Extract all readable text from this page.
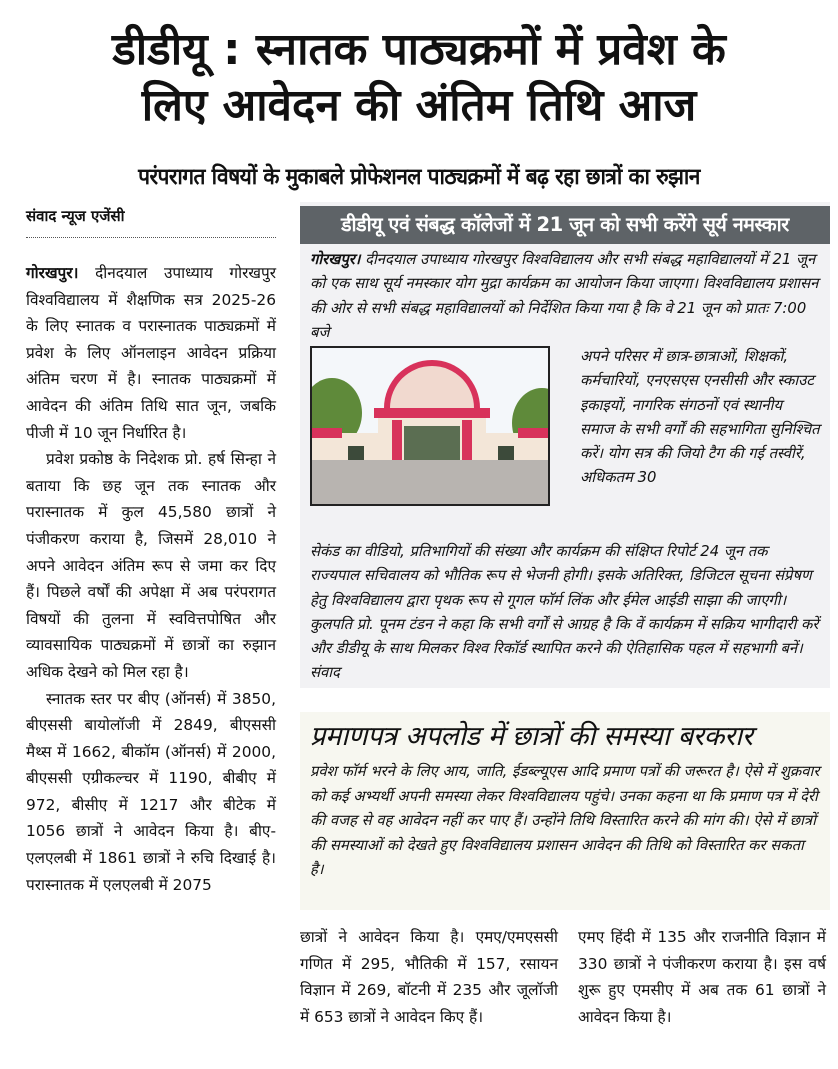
डीडीयू : स्नातक पाठ्यक्रमों में प्रवेश के
लिए आवेदन की अंतिम तिथि आज
परंपरागत विषयों के मुकाबले प्रोफेशनल पाठ्यक्रमों में बढ़ रहा छात्रों का रुझान
संवाद न्यूज एजेंसी

गोरखपुर। दीनदयाल उपाध्याय गोरखपुर विश्वविद्यालय में शैक्षणिक सत्र 2025-26 के लिए स्नातक व परास्नातक पाठ्यक्रमों में प्रवेश के लिए ऑनलाइन आवेदन प्रक्रिया अंतिम चरण में है। स्नातक पाठ्यक्रमों में आवेदन की अंतिम तिथि सात जून, जबकि पीजी में 10 जून निर्धारित है।

प्रवेश प्रकोष्ठ के निदेशक प्रो. हर्ष सिन्हा ने बताया कि छह जून तक स्नातक और परास्नातक में कुल 45,580 छात्रों ने पंजीकरण कराया है, जिसमें 28,010 ने अपने आवेदन अंतिम रूप से जमा कर दिए हैं। पिछले वर्षों की अपेक्षा में अब परंपरागत विषयों की तुलना में स्ववित्तपोषित और व्यावसायिक पाठ्यक्रमों में छात्रों का रुझान अधिक देखने को मिल रहा है।

स्नातक स्तर पर बीए (ऑनर्स) में 3850, बीएससी बायोलॉजी में 2849, बीएससी मैथ्स में 1662, बीकॉम (ऑनर्स) में 2000, बीएससी एग्रीकल्चर में 1190, बीबीए में 972, बीसीए में 1217 और बीटेक में 1056 छात्रों ने आवेदन किया है। बीए-एलएलबी में 1861 छात्रों ने रुचि दिखाई है। परास्नातक में एलएलबी में 2075

डीडीयू एवं संबद्ध कॉलेजों में 21 जून को सभी करेंगे सूर्य नमस्कार
गोरखपुर। दीनदयाल उपाध्याय गोरखपुर विश्वविद्यालय और सभी संबद्ध महाविद्यालयों में 21 जून को एक साथ सूर्य नमस्कार योग मुद्रा कार्यक्रम का आयोजन किया जाएगा। विश्वविद्यालय प्रशासन की ओर से सभी संबद्ध महाविद्यालयों को निर्देशित किया गया है कि वे 21 जून को प्रातः 7:00 बजे
अपने परिसर में छात्र-छात्राओं, शिक्षकों, कर्मचारियों, एनएसएस एनसीसी और स्काउट इकाइयों, नागरिक संगठनों एवं स्थानीय समाज के सभी वर्गों की सहभागिता सुनिश्चित करें। योग सत्र की जियो टैग की गई तस्वीरें, अधिकतम 30
सेकंड का वीडियो, प्रतिभागियों की संख्या और कार्यक्रम की संक्षिप्त रिपोर्ट 24 जून तक राज्यपाल सचिवालय को भौतिक रूप से भेजनी होगी। इसके अतिरिक्त, डिजिटल सूचना संप्रेषण हेतु विश्वविद्यालय द्वारा पृथक रूप से गूगल फॉर्म लिंक और ईमेल आईडी साझा की जाएगी। कुलपति प्रो. पूनम टंडन ने कहा कि सभी वर्गों से आग्रह है कि वें कार्यक्रम में सक्रिय भागीदारी करें और डीडीयू के साथ मिलकर विश्व रिकॉर्ड स्थापित करने की ऐतिहासिक पहल में सहभागी बनें। संवाद
प्रमाणपत्र अपलोड में छात्रों की समस्या बरकरार
प्रवेश फॉर्म भरने के लिए आय, जाति, ईडब्ल्यूएस आदि प्रमाण पत्रों की जरूरत है। ऐसे में शुक्रवार को कई अभ्यर्थी अपनी समस्या लेकर विश्वविद्यालय पहुंचे। उनका कहना था कि प्रमाण पत्र में देरी की वजह से वह आवेदन नहीं कर पाए हैं। उन्होंने तिथि विस्तारित करने की मांग की। ऐसे में छात्रों की समस्याओं को देखते हुए विश्वविद्यालय प्रशासन आवेदन की तिथि को विस्तारित कर सकता है।
छात्रों ने आवेदन किया है। एमए/एमएससी गणित में 295, भौतिकी में 157, रसायन विज्ञान में 269, बॉटनी में 235 और जूलॉजी में 653 छात्रों ने आवेदन किए हैं।
एमए हिंदी में 135 और राजनीति विज्ञान में 330 छात्रों ने पंजीकरण कराया है। इस वर्ष शुरू हुए एमसीए में अब तक 61 छात्रों ने आवेदन किया है।
